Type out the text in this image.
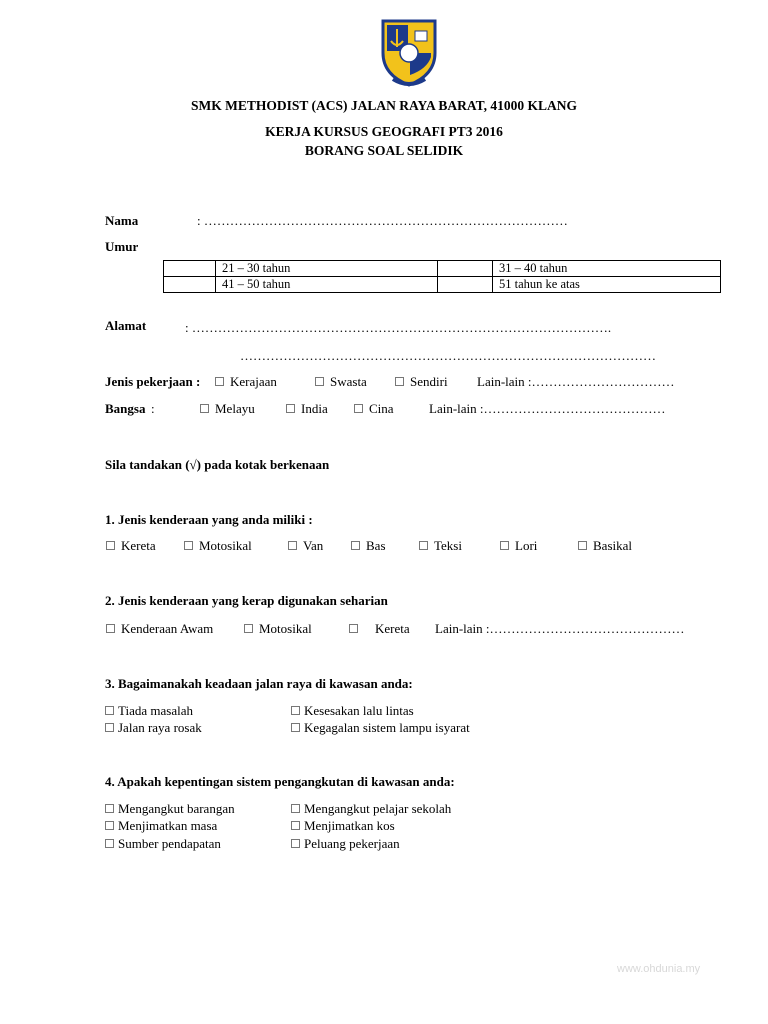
SMK METHODIST (ACS) JALAN RAYA BARAT, 41000 KLANG
KERJA KURSUS GEOGRAFI PT3 2016
BORANG SOAL SELIDIK
Nama	: …………………………………………………………………………
Umur
	21 – 30 tahun		31 – 40 tahun
	41 – 50 tahun		51 tahun ke atas
Alamat	: …………………………………………………………………………………….
……………………………………………………………………………………
Jenis pekerjaan :	Kerajaan	Swasta	Sendiri Lain-lain :……………………………
Bangsa :	Melayu	India	Cina	Lain-lain :……………………………………
Sila tandakan (√) pada kotak berkenaan
1. Jenis kenderaan yang anda miliki :
Kereta	Motosikal	Van	Bas	Teksi	Lori	Basikal
2. Jenis kenderaan yang kerap digunakan seharian
Kenderaan Awam	Motosikal	Kereta Lain-lain :………………………………………
3. Bagaimanakah keadaan jalan raya di kawasan anda:
Tiada masalah	Kesesakan lalu lintas
Jalan raya rosak	Kegagalan sistem lampu isyarat
4. Apakah kepentingan sistem pengangkutan di kawasan anda:
Mengangkut barangan	Mengangkut pelajar sekolah
Menjimatkan masa	Menjimatkan kos
Sumber pendapatan	Peluang pekerjaan
www.ohdunia.my
